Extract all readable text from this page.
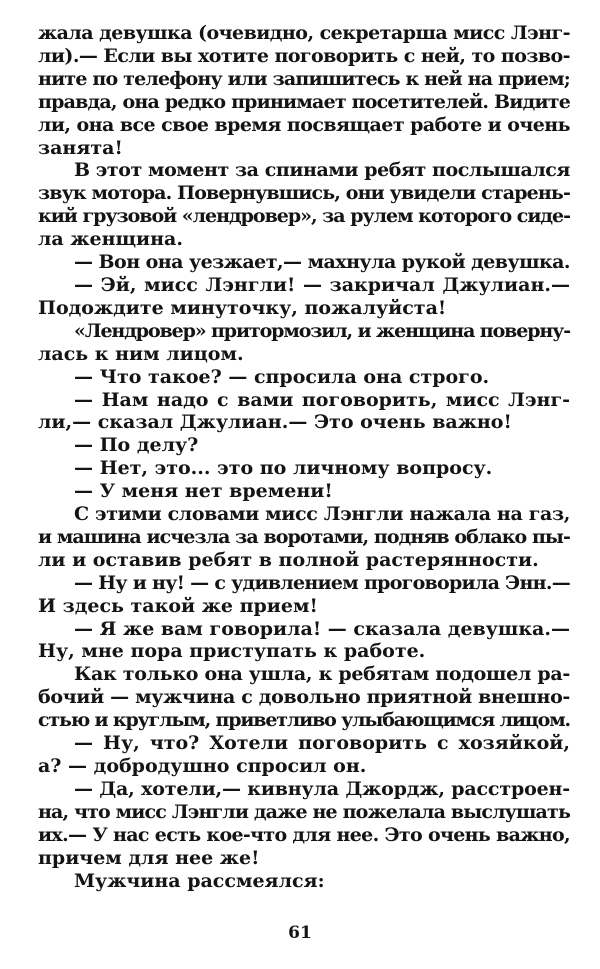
жала девушка (очевидно, секретарша мисс Лэнг-
ли).— Если вы хотите поговорить с ней, то позво-
ните по телефону или запишитесь к ней на прием;
правда, она редко принимает посетителей. Видите
ли, она все свое время посвящает работе и очень
занята!
В этот момент за спинами ребят послышался
звук мотора. Повернувшись, они увидели старень-
кий грузовой «лендровер», за рулем которого сиде-
ла женщина.
— Вон она уезжает,— махнула рукой девушка.
— Эй, мисс Лэнгли! — закричал Джулиан.—
Подождите минуточку, пожалуйста!
«Лендровер» притормозил, и женщина поверну-
лась к ним лицом.
— Что такое? — спросила она строго.
— Нам надо с вами поговорить, мисс Лэнг-
ли,— сказал Джулиан.— Это очень важно!
— По делу?
— Нет, это... это по личному вопросу.
— У меня нет времени!
С этими словами мисс Лэнгли нажала на газ,
и машина исчезла за воротами, подняв облако пы-
ли и оставив ребят в полной растерянности.
— Ну и ну! — с удивлением проговорила Энн.—
И здесь такой же прием!
— Я же вам говорила! — сказала девушка.—
Ну, мне пора приступать к работе.
Как только она ушла, к ребятам подошел ра-
бочий — мужчина с довольно приятной внешно-
стью и круглым, приветливо улыбающимся лицом.
— Ну, что? Хотели поговорить с хозяйкой,
а? — добродушно спросил он.
— Да, хотели,— кивнула Джордж, расстроен-
на, что мисс Лэнгли даже не пожелала выслушать
их.— У нас есть кое-что для нее. Это очень важно,
причем для нее же!
Мужчина рассмеялся:
61
